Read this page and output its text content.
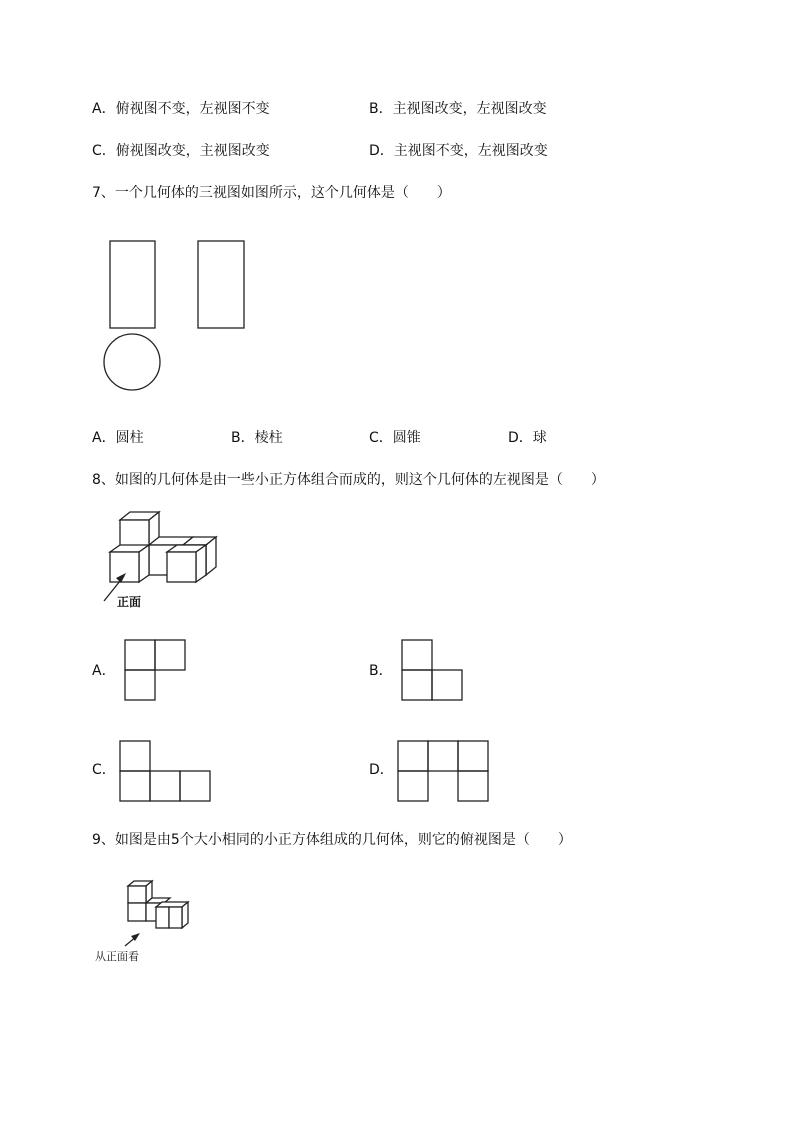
A．俯视图不变，左视图不变	B．主视图改变，左视图改变
C．俯视图改变，主视图改变	D．主视图不变，左视图改变
7、一个几何体的三视图如图所示，这个几何体是（　　）
A．圆柱	B．棱柱	C．圆锥	D．球
8、如图的几何体是由一些小正方体组合而成的，则这个几何体的左视图是（　　）
正面
A．	B．
C．	D．
9、如图是由5个大小相同的小正方体组成的几何体，则它的俯视图是（　　）
从正面看
